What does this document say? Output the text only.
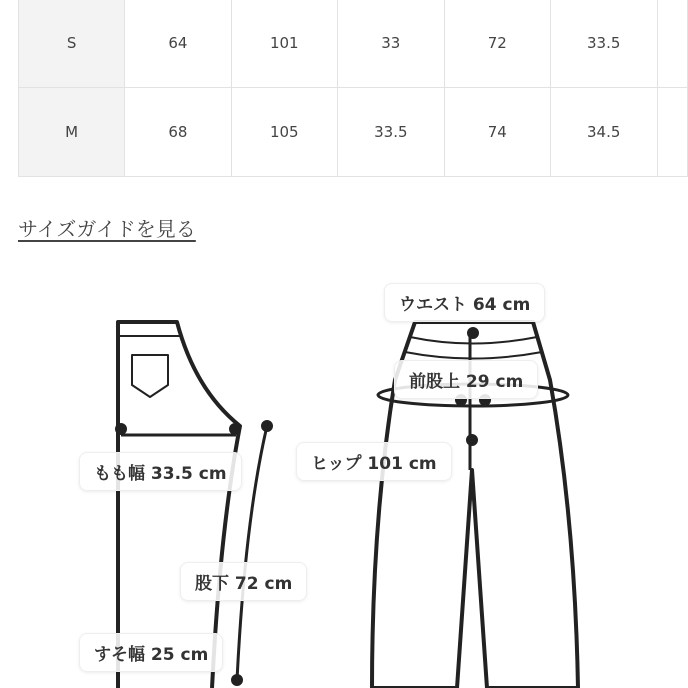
S	64	101	33	72	33.5	
M	68	105	33.5	74	34.5	
サイズガイドを見る
ウエスト 64 cm
前股上 29 cm
ヒップ 101 cm
もも幅 33.5 cm
股下 72 cm
すそ幅 25 cm
